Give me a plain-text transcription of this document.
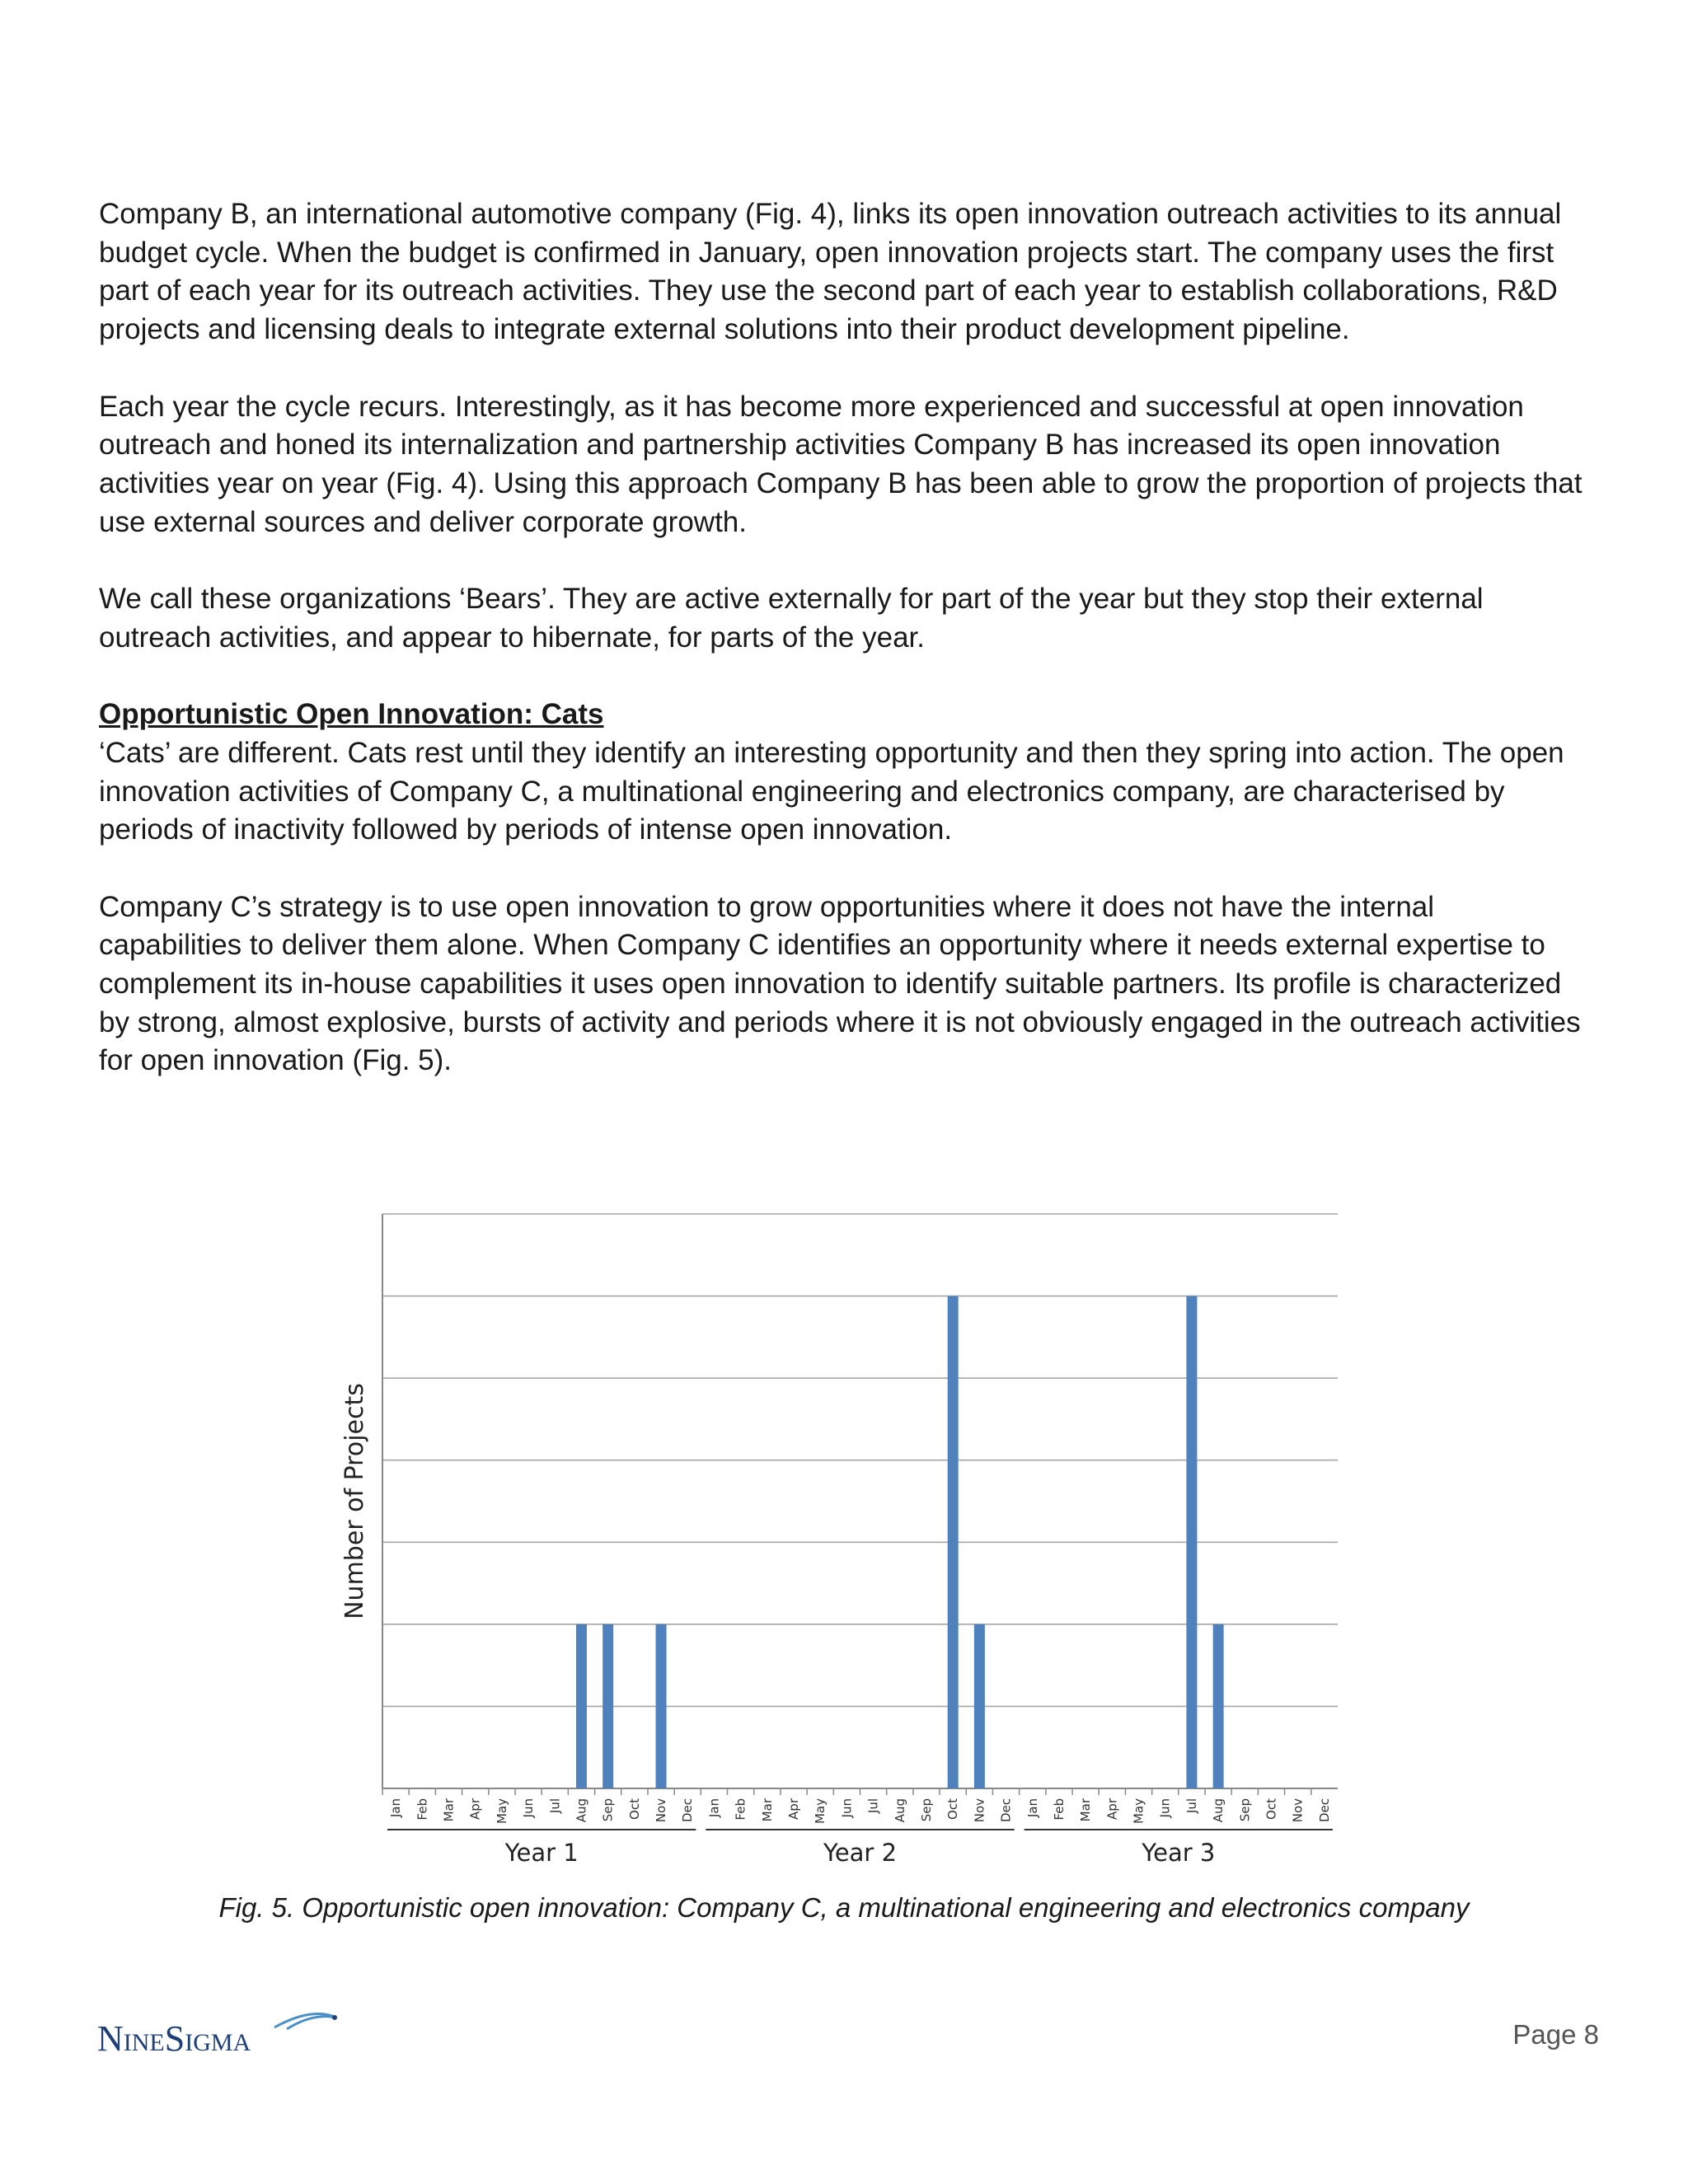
Company B, an international automotive company (Fig. 4), links its open innovation outreach activities to its annual budget cycle. When the budget is confirmed in January, open innovation projects start. The company uses the first part of each year for its outreach activities. They use the second part of each year to establish collaborations, R&D projects and licensing deals to integrate external solutions into their product development pipeline.

Each year the cycle recurs. Interestingly, as it has become more experienced and successful at open innovation outreach and honed its internalization and partnership activities Company B has increased its open innovation activities year on year (Fig. 4). Using this approach Company B has been able to grow the proportion of projects that use external sources and deliver corporate growth.

We call these organizations ‘Bears’. They are active externally for part of the year but they stop their external outreach activities, and appear to hibernate, for parts of the year.

Opportunistic Open Innovation: Cats
‘Cats’ are different. Cats rest until they identify an interesting opportunity and then they spring into action. The open innovation activities of Company C, a multinational engineering and electronics company, are characterised by periods of inactivity followed by periods of intense open innovation.

Company C’s strategy is to use open innovation to grow opportunities where it does not have the internal capabilities to deliver them alone. When Company C identifies an opportunity where it needs external expertise to complement its in-house capabilities it uses open innovation to identify suitable partners. Its profile is characterized by strong, almost explosive, bursts of activity and periods where it is not obviously engaged in the outreach activities for open innovation (Fig. 5).

Number of Projects
Jan Feb Mar Apr May Jun Jul Aug Sep Oct Nov Dec
Year 1
Jan Feb Mar Apr May Jun Jul Aug Sep Oct Nov Dec
Year 2
Jan Feb Mar Apr May Jun Jul Aug Sep Oct Nov Dec
Year 3
Fig. 5. Opportunistic open innovation: Company C, a multinational engineering and electronics company
NINESIGMA	Page 8
